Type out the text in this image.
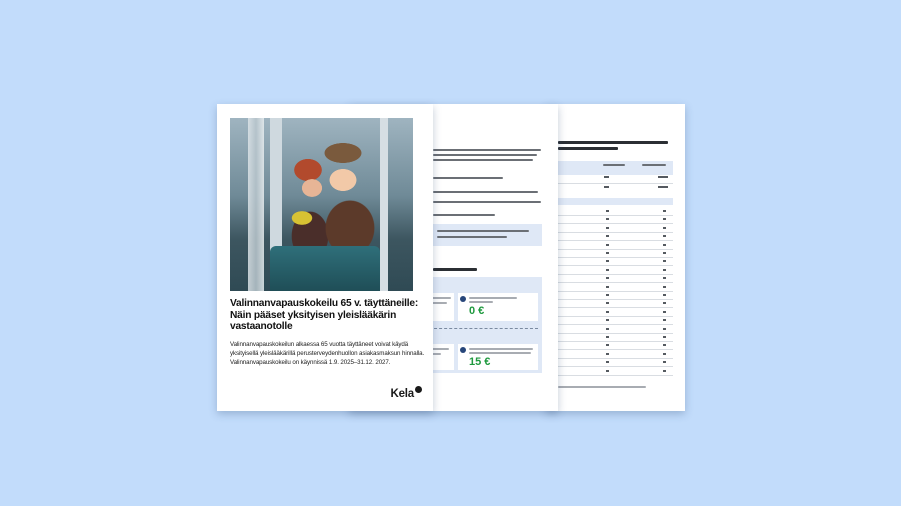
0 €
15 €
Valinnanvapauskokeilu 65 v. täyttäneille: Näin pääset yksityisen yleislääkärin vastaanotolle
Valinnanvapauskokeilun alkaessa 65 vuotta täyttäneet voivat käydä yksityisellä yleislääkärillä perusterveydenhuollon asiakasmaksun hinnalla. Valinnanvapauskokeilu on käynnissä 1.9. 2025–31.12. 2027.
Kela
